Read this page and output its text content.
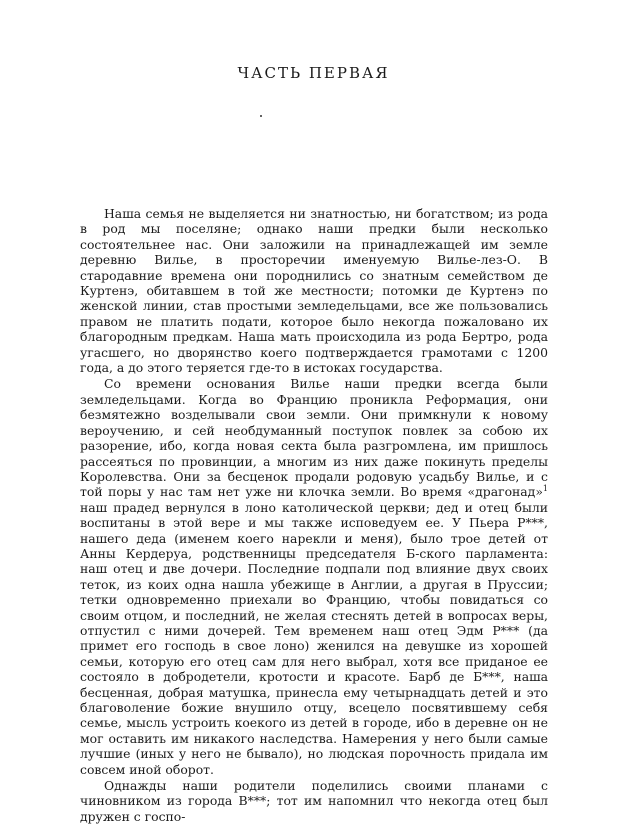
ЧАСТЬ ПЕРВАЯ

Наша семья не выделяется ни знатностью, ни богатством; из рода в род мы поселяне; однако наши предки были несколько состоятельнее нас. Они заложили на принадлежащей им земле деревню Вилье, в просторечии именуемую Вилье-лез-О. В стародавние времена они породнились со знатным семейством де Куртенэ, обитавшем в той же местности; потомки де Куртенэ по женской линии, став простыми земледельцами, все же пользовались правом не платить подати, которое было некогда пожаловано их благородным предкам. Наша мать происходила из рода Бертро, рода угасшего, но дворянство коего подтверждается грамотами с 1200 года, а до этого теряется где-то в истоках государства.

Со времени основания Вилье наши предки всегда были земледельцами. Когда во Францию проникла Реформация, они безмятежно возделывали свои земли. Они примкнули к новому вероучению, и сей необдуманный поступок повлек за собою их разорение, ибо, когда новая секта была разгромлена, им пришлось рассеяться по провинции, а многим из них даже покинуть пределы Королевства. Они за бесценок продали родовую усадьбу Вилье, и с той поры у нас там нет уже ни клочка земли. Во время «драгонад»$^1$ наш прадед вернулся в лоно католической церкви; дед и отец были воспитаны в этой вере и мы также исповедуем ее. У Пьера Р***, нашего деда (именем коего нарекли и меня), было трое детей от Анны Кердеруа, родственницы председателя Б-ского парламента: наш отец и две дочери. Последние подпали под влияние двух своих теток, из коих одна нашла убежище в Англии, а другая в Пруссии; тетки одновременно приехали во Францию, чтобы повидаться со своим отцом, и последний, не желая стеснять детей в вопросах веры, отпустил с ними дочерей. Тем временем наш отец Эдм Р*** (да примет его господь в свое лоно) женился на девушке из хорошей семьи, которую его отец сам для него выбрал, хотя все приданое ее состояло в добродетели, кротости и красоте. Барб де Б***, наша бесценная, добрая матушка, принесла ему четырнадцать детей и это благоволение божие внушило отцу, всецело посвятившему себя семье, мысль устроить коекого из детей в городе, ибо в деревне он не мог оставить им никакого наследства. Намерения у него были самые лучшие (иных у него не бывало), но людская порочность придала им совсем иной оборот.

Однажды наши родители поделились своими планами с чиновником из города В***; тот им напомнил что некогда отец был дружен с госпо-
